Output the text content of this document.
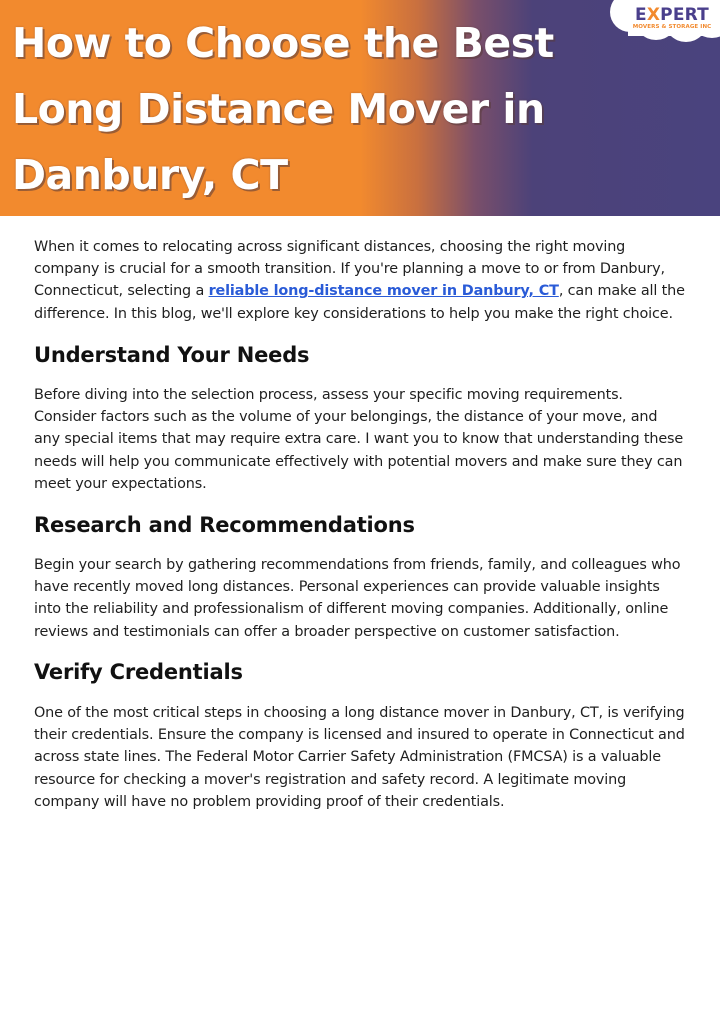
How to Choose the Best
Long Distance Mover in
Danbury, CT
EXPERT
MOVERS & STORAGE INC

When it comes to relocating across significant distances, choosing the right moving company is crucial for a smooth transition. If you're planning a move to or from Danbury, Connecticut, selecting a reliable long-distance mover in Danbury, CT, can make all the difference. In this blog, we'll explore key considerations to help you make the right choice.

Understand Your Needs

Before diving into the selection process, assess your specific moving requirements. Consider factors such as the volume of your belongings, the distance of your move, and any special items that may require extra care. I want you to know that understanding these needs will help you communicate effectively with potential movers and make sure they can meet your expectations.

Research and Recommendations

Begin your search by gathering recommendations from friends, family, and colleagues who have recently moved long distances. Personal experiences can provide valuable insights into the reliability and professionalism of different moving companies. Additionally, online reviews and testimonials can offer a broader perspective on customer satisfaction.

Verify Credentials

One of the most critical steps in choosing a long distance mover in Danbury, CT, is verifying their credentials. Ensure the company is licensed and insured to operate in Connecticut and across state lines. The Federal Motor Carrier Safety Administration (FMCSA) is a valuable resource for checking a mover's registration and safety record. A legitimate moving company will have no problem providing proof of their credentials.
